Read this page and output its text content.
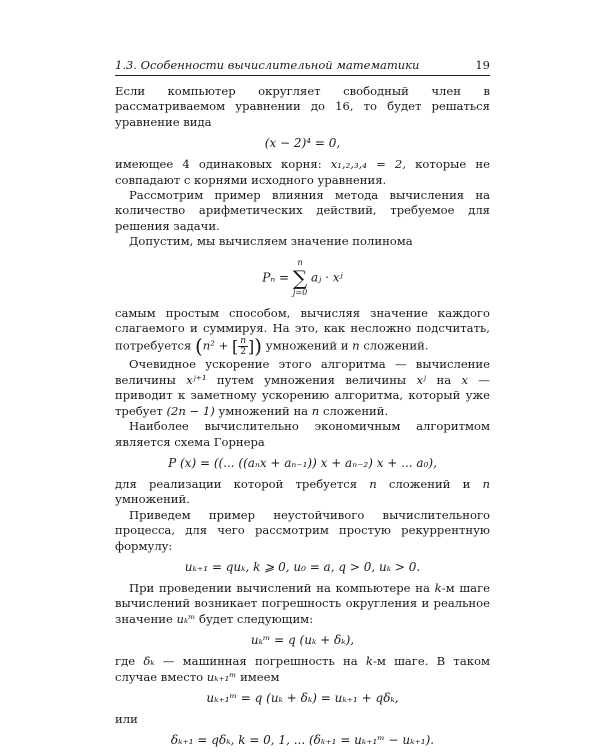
1.3. Особенности вычислительной математики	19

Если компьютер округляет свободный член в рассматриваемом уравнении до 16, то будет решаться уравнение вида

(x − 2)⁴ = 0,

имеющее 4 одинаковых корня: x₁,₂,₃,₄ = 2, которые не совпадают с корнями исходного уравнения.

Рассмотрим пример влияния метода вычисления на количество арифметических действий, требуемое для решения задачи.

Допустим, мы вычисляем значение полинома

Pₙ =
n
∑
j=0
aⱼ · xʲ

самым простым способом, вычисляя значение каждого слагаемого и суммируя. На это, как несложно подсчитать, потребуется (n² + [ $\frac{n}{2}$ ]) умножений и n сложений.

Очевидное ускорение этого алгоритма — вычисление величины xʲ⁺¹ путем умножения величины xʲ на x — приводит к заметному ускорению алгоритма, который уже требует (2n − 1) умножений на n сложений.

Наиболее вычислительно экономичным алгоритмом является схема Горнера

P (x) = ((... ((aₙx + aₙ₋₁)) x + aₙ₋₂) x + ... a₀),

для реализации которой требуется n сложений и n умножений.

Приведем пример неустойчивого вычислительного процесса, для чего рассмотрим простую рекуррентную формулу:

uₖ₊₁ = quₖ, k ⩾ 0, u₀ = a, q > 0, uₖ > 0.

При проведении вычислений на компьютере на k-м шаге вычислений возникает погрешность округления и реальное значение uₖᵐ будет следующим:

uₖᵐ = q (uₖ + δₖ),

где δₖ — машинная погрешность на k-м шаге. В таком случае вместо uₖ₊₁ᵐ имеем

uₖ₊₁ᵐ = q (uₖ + δₖ) = uₖ₊₁ + qδₖ,

или

δₖ₊₁ = qδₖ, k = 0, 1, ... (δₖ₊₁ = uₖ₊₁ᵐ − uₖ₊₁).
